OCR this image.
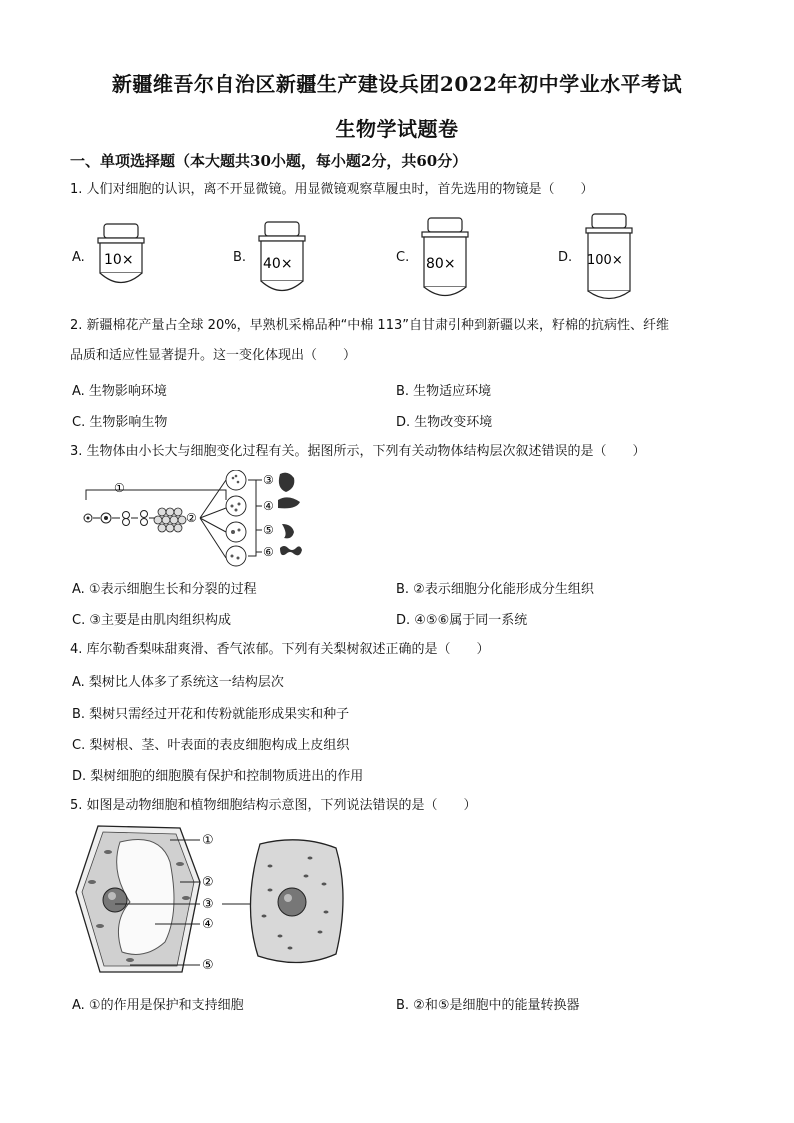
新疆维吾尔自治区新疆生产建设兵团2022年初中学业水平考试
生物学试题卷
一、单项选择题（本大题共30小题，每小题2分，共60分）
1. 人们对细胞的认识，离不开显微镜。用显微镜观察草履虫时，首先选用的物镜是（　　）
A. 10×	B. 40×	C. 80×	D. 100×
2. 新疆棉花产量占全球 20%，早熟机采棉品种“中棉 113”自甘肃引种到新疆以来，籽棉的抗病性、纤维
品质和适应性显著提升。这一变化体现出（　　）
A. 生物影响环境	B. 生物适应环境
C. 生物影响生物	D. 生物改变环境
3. 生物体由小长大与细胞变化过程有关。据图所示，下列有关动物体结构层次叙述错误的是（　　）
①
②
③
④
⑤
⑥
A. ①表示细胞生长和分裂的过程	B. ②表示细胞分化能形成分生组织
C. ③主要是由肌肉组织构成	D. ④⑤⑥属于同一系统
4. 库尔勒香梨味甜爽滑、香气浓郁。下列有关梨树叙述正确的是（　　）
A. 梨树比人体多了系统这一结构层次
B. 梨树只需经过开花和传粉就能形成果实和种子
C. 梨树根、茎、叶表面的表皮细胞构成上皮组织
D. 梨树细胞的细胞膜有保护和控制物质进出的作用
5. 如图是动物细胞和植物细胞结构示意图，下列说法错误的是（　　）
①
②
③
④
⑤
A. ①的作用是保护和支持细胞	B. ②和⑤是细胞中的能量转换器
